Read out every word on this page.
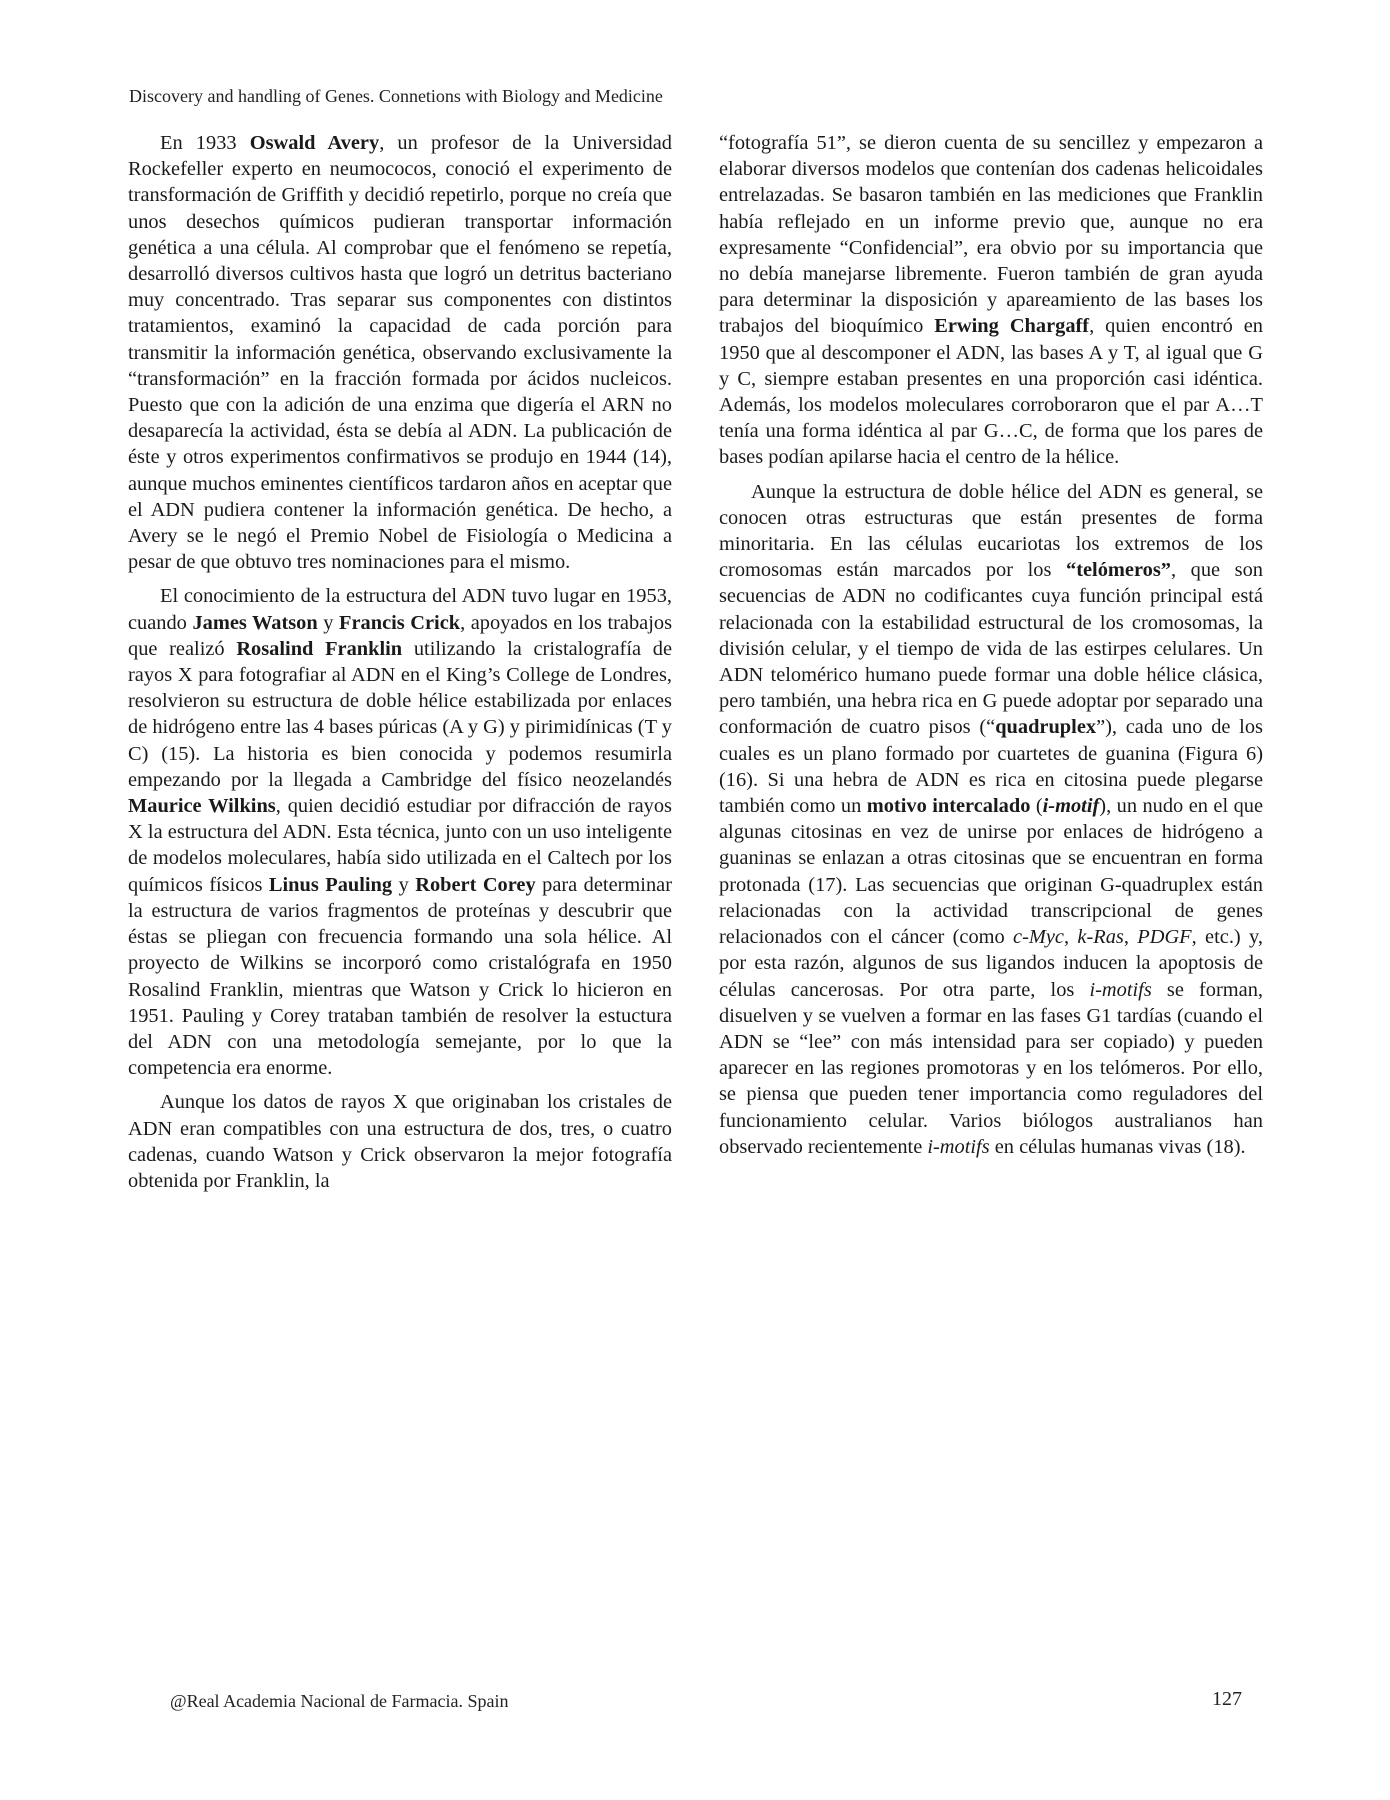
Discovery and handling of Genes. Connetions with Biology and Medicine

En 1933 Oswald Avery, un profesor de la Universidad Rockefeller experto en neumococos, conoció el experimento de transformación de Griffith y decidió repetirlo, porque no creía que unos desechos químicos pudieran transportar información genética a una célula. Al comprobar que el fenómeno se repetía, desarrolló diversos cultivos hasta que logró un detritus bacteriano muy concentrado. Tras separar sus componentes con distintos tratamientos, examinó la capacidad de cada porción para transmitir la información genética, observando exclusivamente la “transformación” en la fracción formada por ácidos nucleicos. Puesto que con la adición de una enzima que digería el ARN no desaparecía la actividad, ésta se debía al ADN. La publicación de éste y otros experimentos confirmativos se produjo en 1944 (14), aunque muchos eminentes científicos tardaron años en aceptar que el ADN pudiera contener la información genética. De hecho, a Avery se le negó el Premio Nobel de Fisiología o Medicina a pesar de que obtuvo tres nominaciones para el mismo.

El conocimiento de la estructura del ADN tuvo lugar en 1953, cuando James Watson y Francis Crick, apoyados en los trabajos que realizó Rosalind Franklin utilizando la cristalografía de rayos X para fotografiar al ADN en el King’s College de Londres, resolvieron su estructura de doble hélice estabilizada por enlaces de hidrógeno entre las 4 bases púricas (A y G) y pirimidínicas (T y C) (15). La historia es bien conocida y podemos resumirla empezando por la llegada a Cambridge del físico neozelandés Maurice Wilkins, quien decidió estudiar por difracción de rayos X la estructura del ADN. Esta técnica, junto con un uso inteligente de modelos moleculares, había sido utilizada en el Caltech por los químicos físicos Linus Pauling y Robert Corey para determinar la estructura de varios fragmentos de proteínas y descubrir que éstas se pliegan con frecuencia formando una sola hélice. Al proyecto de Wilkins se incorporó como cristalógrafa en 1950 Rosalind Franklin, mientras que Watson y Crick lo hicieron en 1951. Pauling y Corey trataban también de resolver la estuctura del ADN con una metodología semejante, por lo que la competencia era enorme.

Aunque los datos de rayos X que originaban los cristales de ADN eran compatibles con una estructura de dos, tres, o cuatro cadenas, cuando Watson y Crick observaron la mejor fotografía obtenida por Franklin, la

“fotografía 51”, se dieron cuenta de su sencillez y empezaron a elaborar diversos modelos que contenían dos cadenas helicoidales entrelazadas. Se basaron también en las mediciones que Franklin había reflejado en un informe previo que, aunque no era expresamente “Confidencial”, era obvio por su importancia que no debía manejarse libremente. Fueron también de gran ayuda para determinar la disposición y apareamiento de las bases los trabajos del bioquímico Erwing Chargaff, quien encontró en 1950 que al descomponer el ADN, las bases A y T, al igual que G y C, siempre estaban presentes en una proporción casi idéntica. Además, los modelos moleculares corroboraron que el par A…T tenía una forma idéntica al par G…C, de forma que los pares de bases podían apilarse hacia el centro de la hélice.

Aunque la estructura de doble hélice del ADN es general, se conocen otras estructuras que están presentes de forma minoritaria. En las células eucariotas los extremos de los cromosomas están marcados por los “telómeros”, que son secuencias de ADN no codificantes cuya función principal está relacionada con la estabilidad estructural de los cromosomas, la división celular, y el tiempo de vida de las estirpes celulares. Un ADN telomérico humano puede formar una doble hélice clásica, pero también, una hebra rica en G puede adoptar por separado una conformación de cuatro pisos (“quadruplex”), cada uno de los cuales es un plano formado por cuartetes de guanina (Figura 6) (16). Si una hebra de ADN es rica en citosina puede plegarse también como un motivo intercalado (i-motif), un nudo en el que algunas citosinas en vez de unirse por enlaces de hidrógeno a guaninas se enlazan a otras citosinas que se encuentran en forma protonada (17). Las secuencias que originan G-quadruplex están relacionadas con la actividad transcripcional de genes relacionados con el cáncer (como c-Myc, k-Ras, PDGF, etc.) y, por esta razón, algunos de sus ligandos inducen la apoptosis de células cancerosas. Por otra parte, los i-motifs se forman, disuelven y se vuelven a formar en las fases G1 tardías (cuando el ADN se “lee” con más intensidad para ser copiado) y pueden aparecer en las regiones promotoras y en los telómeros. Por ello, se piensa que pueden tener importancia como reguladores del funcionamiento celular. Varios biólogos australianos han observado recientemente i-motifs en células humanas vivas (18).

@Real Academia Nacional de Farmacia. Spain	127
